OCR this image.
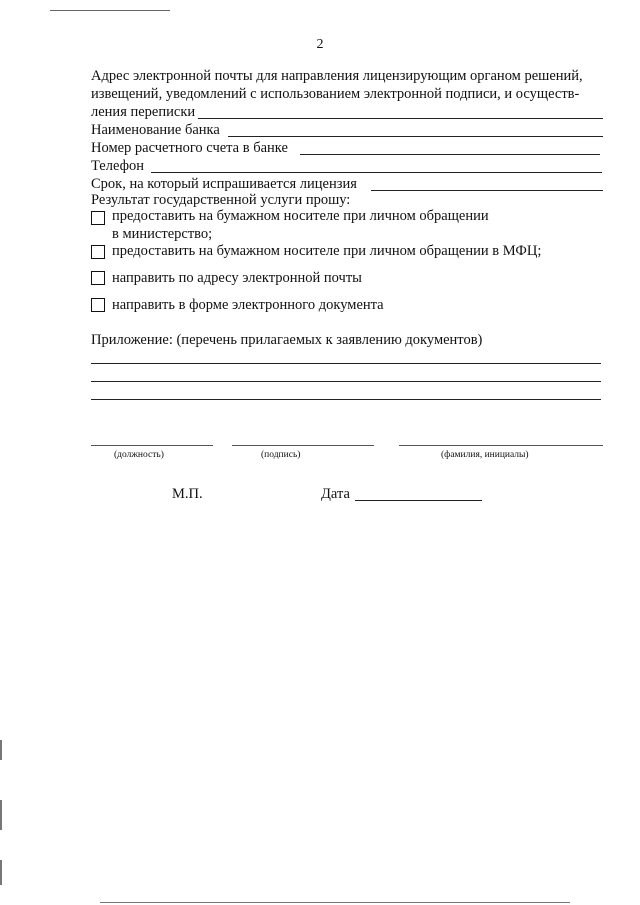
2
Адрес электронной почты для направления лицензирующим органом решений,
извещений, уведомлений с использованием электронной подписи, и осуществ-
ления переписки
Наименование банка
Номер расчетного счета в банке
Телефон
Срок, на который испрашивается лицензия
Результат государственной услуги прошу:
предоставить на бумажном носителе при личном обращении
в министерство;
предоставить на бумажном носителе при личном обращении в МФЦ;
направить по адресу электронной почты
направить в форме электронного документа
Приложение: (перечень прилагаемых к заявлению документов)
(должность)	(подпись)	(фамилия, инициалы)
М.П.	Дата
